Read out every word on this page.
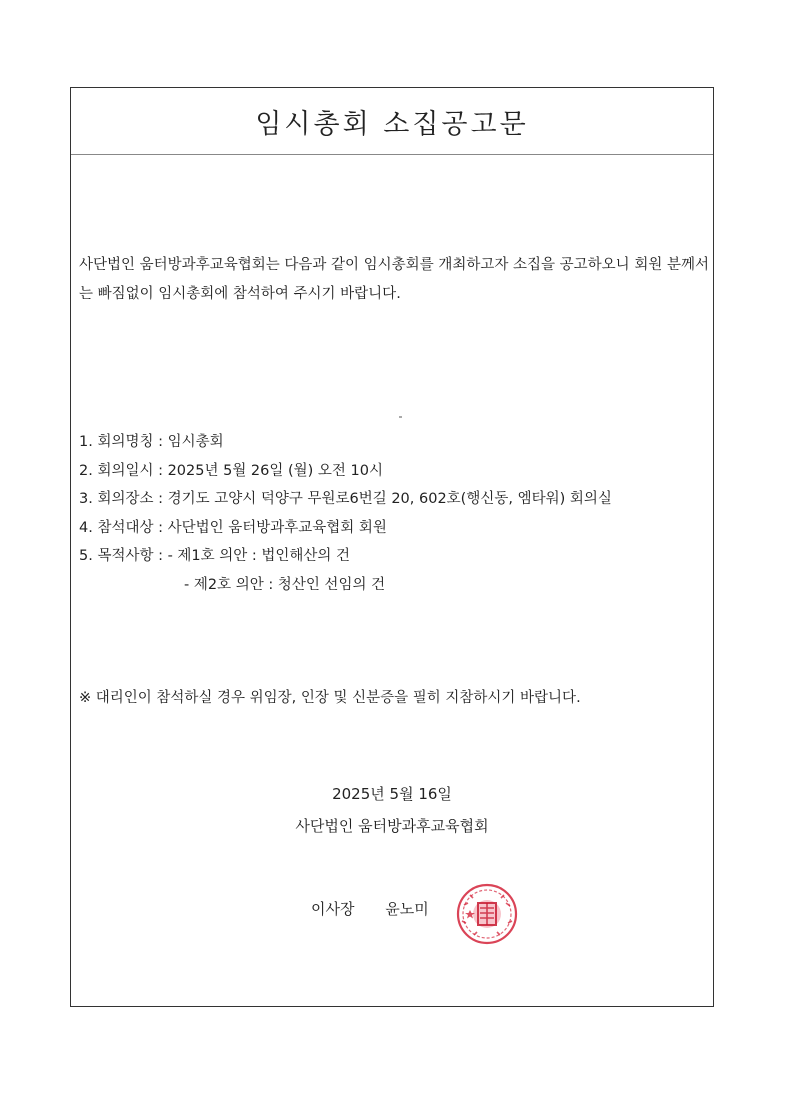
임시총회 소집공고문
사단법인 움터방과후교육협회는 다음과 같이 임시총회를 개최하고자 소집을 공고하오니 회원 분께서는 빠짐없이 임시총회에 참석하여 주시기 바랍니다.
1. 회의명칭 : 임시총회
2. 회의일시 : 2025년 5월 26일 (월) 오전 10시
3. 회의장소 : 경기도 고양시 덕양구 무원로6번길 20, 602호(행신동, 엠타워) 회의실
4. 참석대상 : 사단법인 움터방과후교육협회 회원
5. 목적사항 : - 제1호 의안 : 법인해산의 건
- 제2호 의안 : 청산인 선임의 건
※ 대리인이 참석하실 경우 위임장, 인장 및 신분증을 필히 지참하시기 바랍니다.
2025년 5월 16일
사단법인 움터방과후교육협회
이사장 윤노미
